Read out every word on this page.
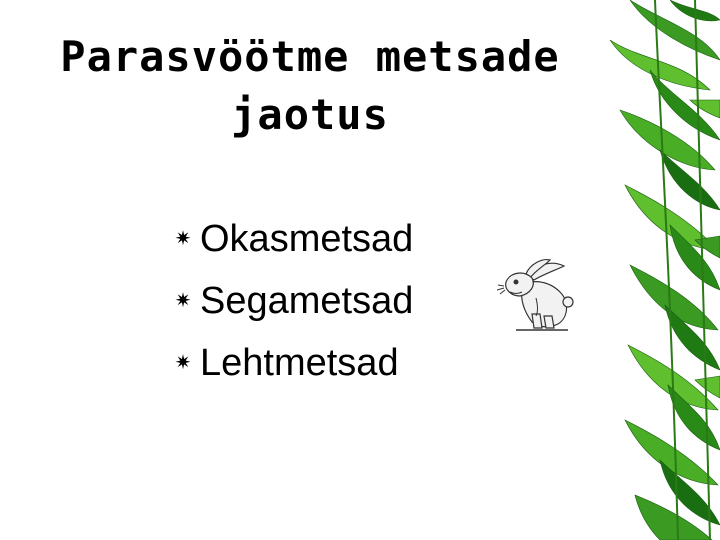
Parasvöötme metsade jaotus
✷ Okasmetsad
✷ Segametsad
✷ Lehtmetsad
